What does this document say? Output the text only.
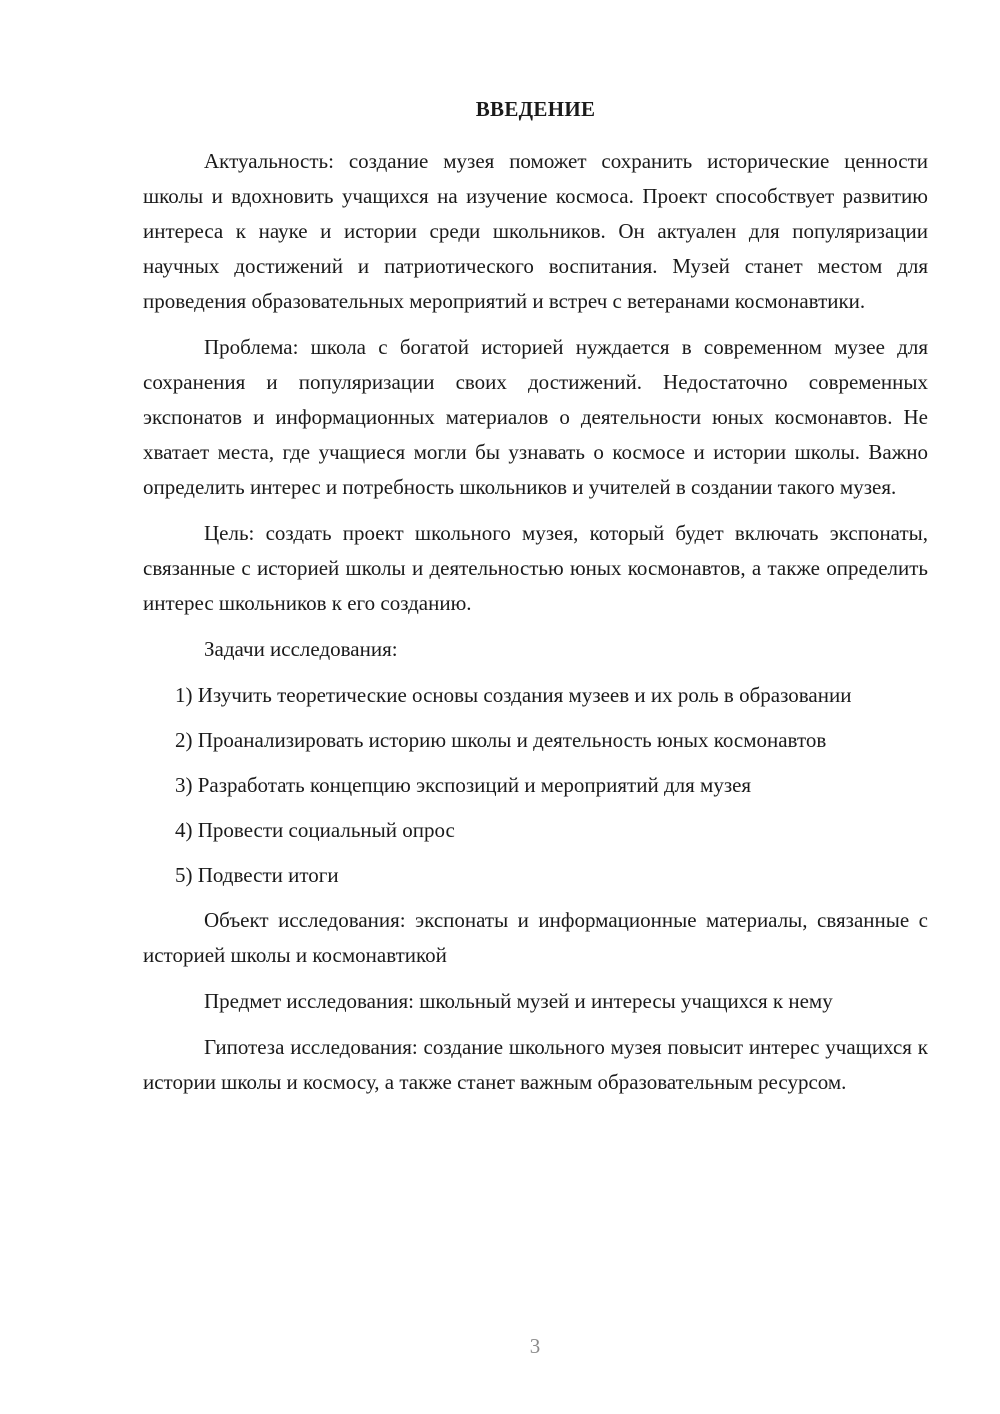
ВВЕДЕНИЕ

Актуальность: создание музея поможет сохранить исторические ценности школы и вдохновить учащихся на изучение космоса. Проект способствует развитию интереса к науке и истории среди школьников. Он актуален для популяризации научных достижений и патриотического воспитания. Музей станет местом для проведения образовательных мероприятий и встреч с ветеранами космонавтики.

Проблема: школа с богатой историей нуждается в современном музее для сохранения и популяризации своих достижений. Недостаточно современных экспонатов и информационных материалов о деятельности юных космонавтов. Не хватает места, где учащиеся могли бы узнавать о космосе и истории школы. Важно определить интерес и потребность школьников и учителей в создании такого музея.

Цель: создать проект школьного музея, который будет включать экспонаты, связанные с историей школы и деятельностью юных космонавтов, а также определить интерес школьников к его созданию.

Задачи исследования:

1) Изучить теоретические основы создания музеев и их роль в образовании

2) Проанализировать историю школы и деятельность юных космонавтов

3) Разработать концепцию экспозиций и мероприятий для музея

4) Провести социальный опрос

5) Подвести итоги

Объект исследования: экспонаты и информационные материалы, связанные с историей школы и космонавтикой

Предмет исследования: школьный музей и интересы учащихся к нему

Гипотеза исследования: создание школьного музея повысит интерес учащихся к истории школы и космосу, а также станет важным образовательным ресурсом.

3
